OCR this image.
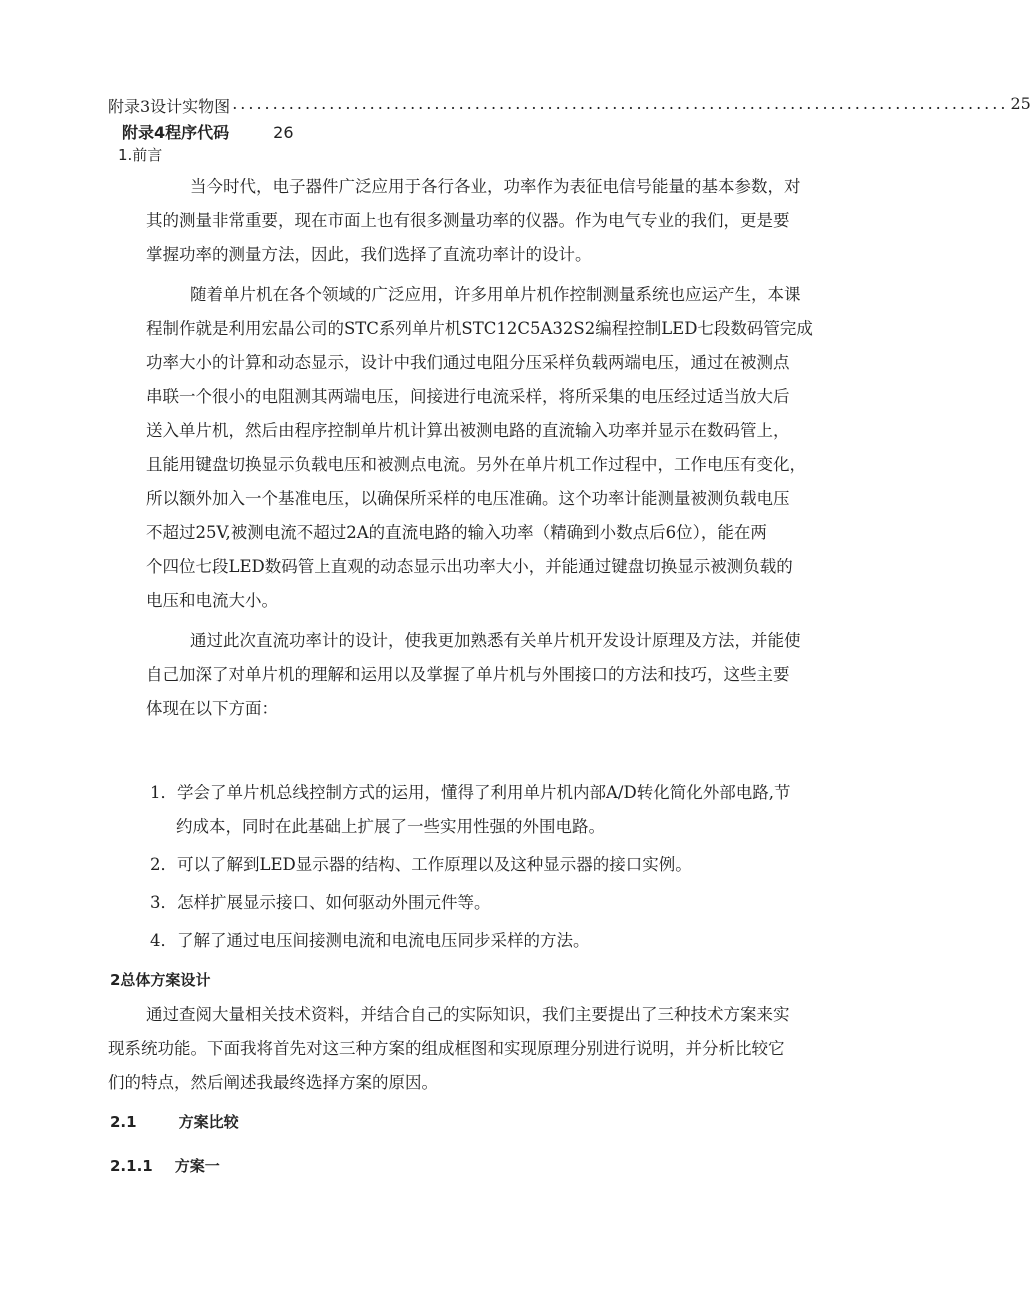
附录3设计实物图 ................................................................................................ 25
附录4程序代码	26
1.前言
当今时代，电子器件广泛应用于各行各业，功率作为表征电信号能量的基本参数，对
其的测量非常重要，现在市面上也有很多测量功率的仪器。作为电气专业的我们，更是要
掌握功率的测量方法，因此，我们选择了直流功率计的设计。
随着单片机在各个领域的广泛应用，许多用单片机作控制测量系统也应运产生，本课
程制作就是利用宏晶公司的STC系列单片机STC12C5A32S2编程控制LED七段数码管完成
功率大小的计算和动态显示，设计中我们通过电阻分压采样负载两端电压，通过在被测点
串联一个很小的电阻测其两端电压，间接进行电流采样，将所采集的电压经过适当放大后
送入单片机，然后由程序控制单片机计算出被测电路的直流输入功率并显示在数码管上，
且能用键盘切换显示负载电压和被测点电流。另外在单片机工作过程中，工作电压有变化，
所以额外加入一个基准电压，以确保所采样的电压准确。这个功率计能测量被测负载电压
不超过25V,被测电流不超过2A的直流电路的输入功率（精确到小数点后6位），能在两
个四位七段LED数码管上直观的动态显示出功率大小，并能通过键盘切换显示被测负载的
电压和电流大小。
通过此次直流功率计的设计，使我更加熟悉有关单片机开发设计原理及方法，并能使
自己加深了对单片机的理解和运用以及掌握了单片机与外围接口的方法和技巧，这些主要
体现在以下方面：
1．学会了单片机总线控制方式的运用，懂得了利用单片机内部A/D转化简化外部电路,节
约成本，同时在此基础上扩展了一些实用性强的外围电路。
2．可以了解到LED显示器的结构、工作原理以及这种显示器的接口实例。
3．怎样扩展显示接口、如何驱动外围元件等。
4．了解了通过电压间接测电流和电流电压同步采样的方法。
2总体方案设计
通过查阅大量相关技术资料，并结合自己的实际知识，我们主要提出了三种技术方案来实
现系统功能。下面我将首先对这三种方案的组成框图和实现原理分别进行说明，并分析比较它
们的特点，然后阐述我最终选择方案的原因。
2.1	方案比较
2.1.1 方案一
